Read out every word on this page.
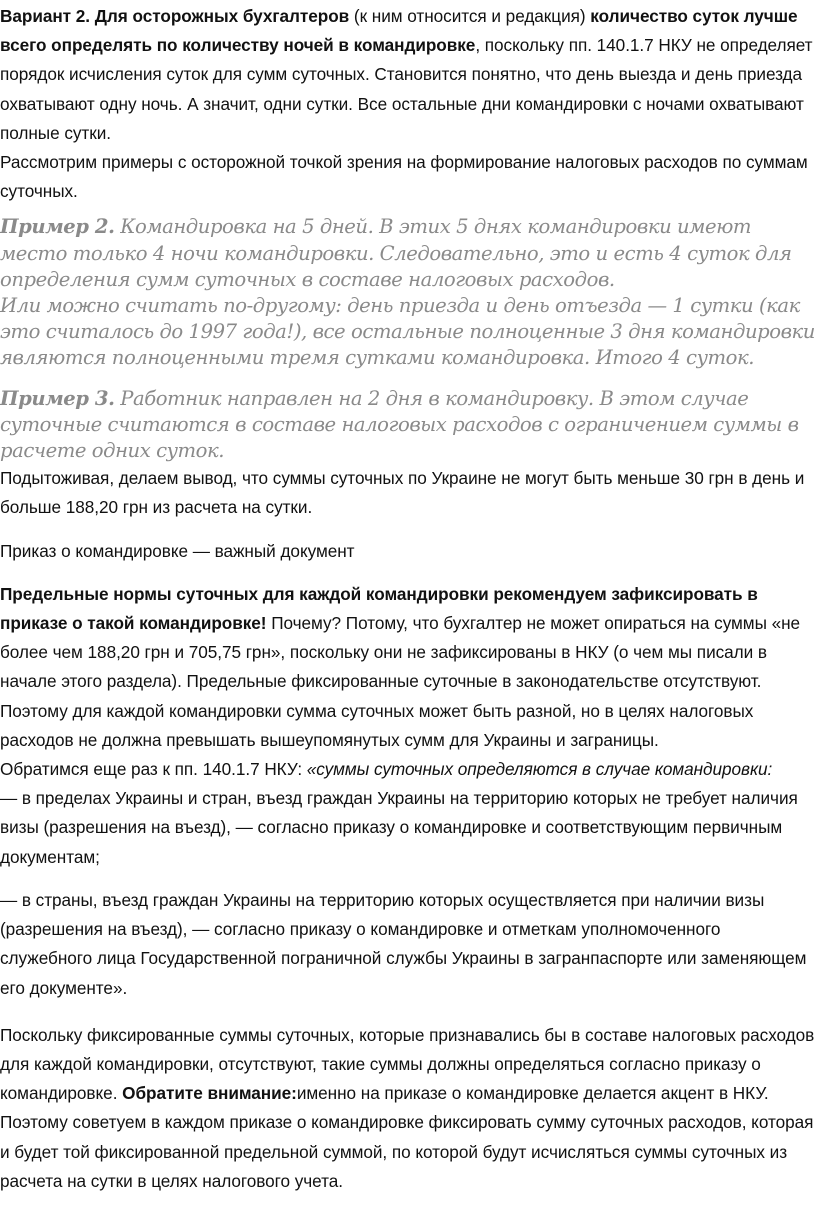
Вариант 2. Для осторожных бухгалтеров (к ним относится и редакция) количество суток лучше всего определять по количеству ночей в командировке, поскольку пп. 140.1.7 НКУ не определяет порядок исчисления суток для сумм суточных. Становится понятно, что день выезда и день приезда охватывают одну ночь. А значит, одни сутки. Все остальные дни командировки с ночами охватывают полные сутки.

Рассмотрим примеры с осторожной точкой зрения на формирование налоговых расходов по суммам суточных.

Пример 2. Командировка на 5 дней. В этих 5 днях командировки имеют место только 4 ночи командировки. Следовательно, это и есть 4 суток для определения сумм суточных в составе налоговых расходов.

Или можно считать по-другому: день приезда и день отъезда — 1 сутки (как это считалось до 1997 года!), все остальные полноценные 3 дня командировки являются полноценными тремя сутками командировка. Итого 4 суток.

Пример 3. Работник направлен на 2 дня в командировку. В этом случае суточные считаются в составе налоговых расходов с ограничением суммы в расчете одних суток.

Подытоживая, делаем вывод, что суммы суточных по Украине не могут быть меньше 30 грн в день и больше 188,20 грн из расчета на сутки.

Приказ о командировке — важный документ

Предельные нормы суточных для каждой командировки рекомендуем зафиксировать в приказе о такой командировке! Почему? Потому, что бухгалтер не может опираться на суммы «не более чем 188,20 грн и 705,75 грн», поскольку они не зафиксированы в НКУ (о чем мы писали в начале этого раздела). Предельные фиксированные суточные в законодательстве отсутствуют. Поэтому для каждой командировки сумма суточных может быть разной, но в целях налоговых расходов не должна превышать вышеупомянутых сумм для Украины и заграницы.

Обратимся еще раз к пп. 140.1.7 НКУ: «суммы суточных определяются в случае командировки:

— в пределах Украины и стран, въезд граждан Украины на территорию которых не требует наличия визы (разрешения на въезд), — согласно приказу о командировке и соответствующим первичным документам;

— в страны, въезд граждан Украины на территорию которых осуществляется при наличии визы (разрешения на въезд), — согласно приказу о командировке и отметкам уполномоченного служебного лица Государственной пограничной службы Украины в загранпаспорте или заменяющем его документе».

Поскольку фиксированные суммы суточных, которые признавались бы в составе налоговых расходов для каждой командировки, отсутствуют, такие суммы должны определяться согласно приказу о командировке. Обратите внимание:именно на приказе о командировке делается акцент в НКУ. Поэтому советуем в каждом приказе о командировке фиксировать сумму суточных расходов, которая и будет той фиксированной предельной суммой, по которой будут исчисляться суммы суточных из расчета на сутки в целях налогового учета.
